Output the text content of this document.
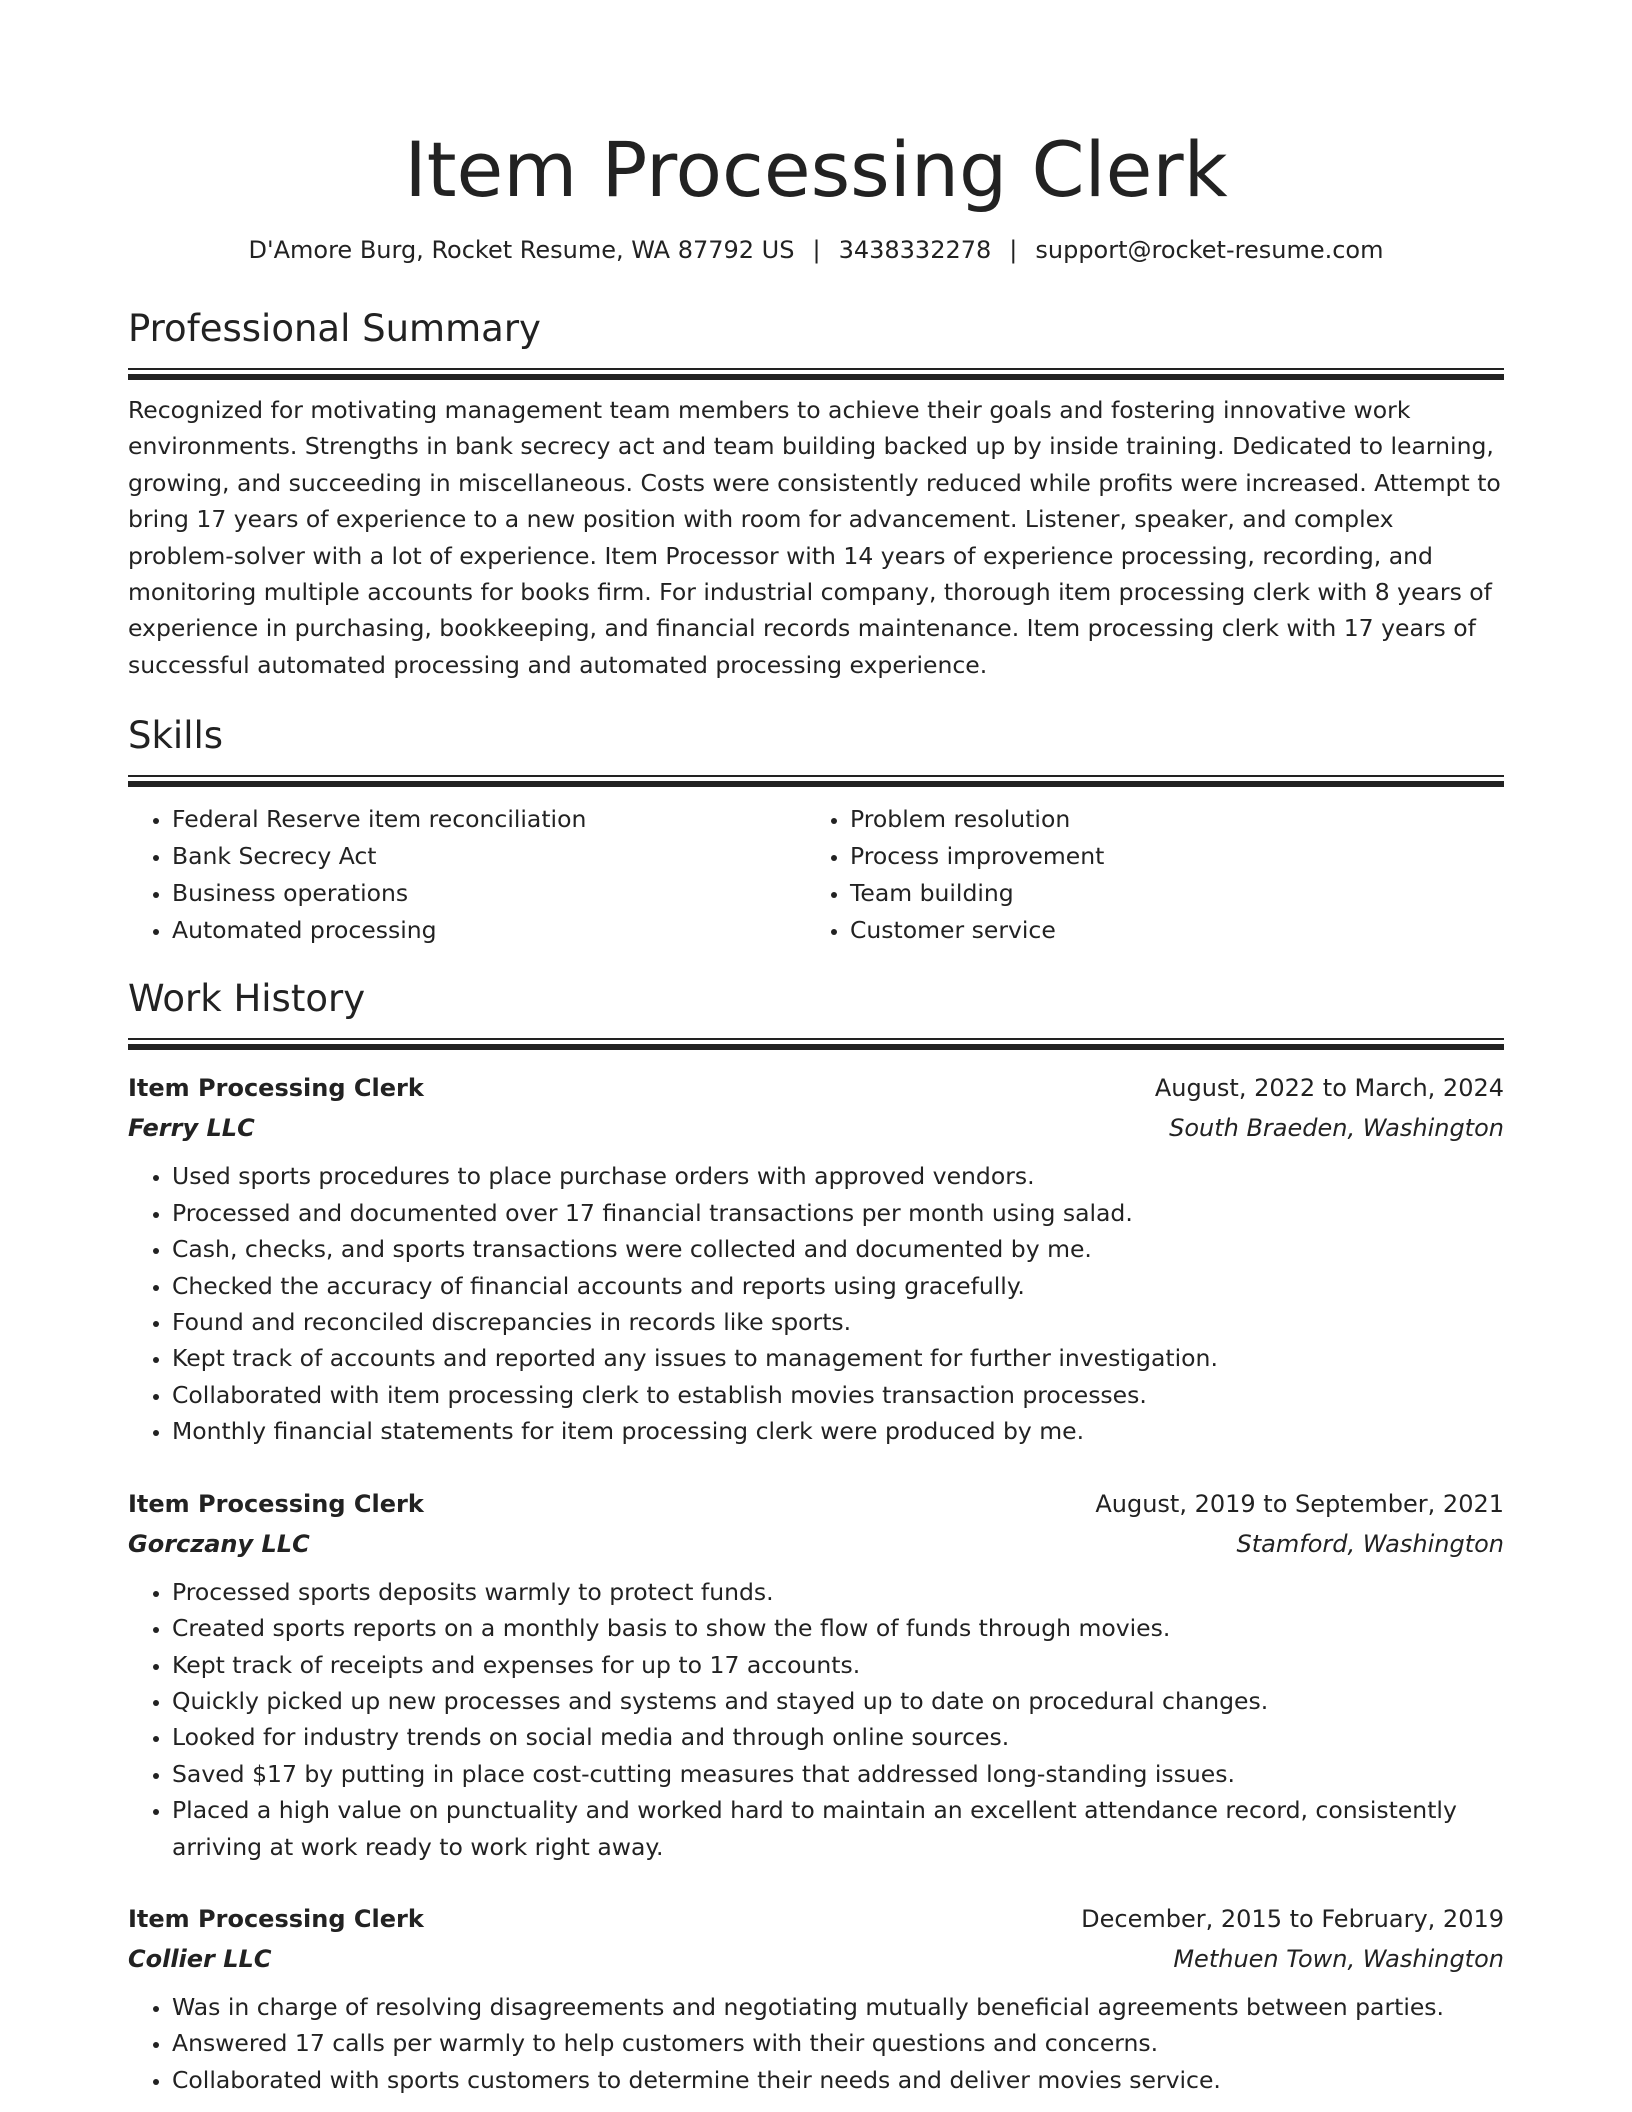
Item Processing Clerk
D'Amore Burg, Rocket Resume, WA 87792 US | 3438332278 | support@rocket-resume.com
Professional Summary

Recognized for motivating management team members to achieve their goals and fostering innovative work environments. Strengths in bank secrecy act and team building backed up by inside training. Dedicated to learning, growing, and succeeding in miscellaneous. Costs were consistently reduced while profits were increased. Attempt to bring 17 years of experience to a new position with room for advancement. Listener, speaker, and complex problem-solver with a lot of experience. Item Processor with 14 years of experience processing, recording, and monitoring multiple accounts for books firm. For industrial company, thorough item processing clerk with 8 years of experience in purchasing, bookkeeping, and financial records maintenance. Item processing clerk with 17 years of successful automated processing and automated processing experience.

Skills
• Federal Reserve item reconciliation
• Bank Secrecy Act
• Business operations
• Automated processing
• Problem resolution
• Process improvement
• Team building
• Customer service
Work History
Item Processing Clerk	August, 2022 to March, 2024
Ferry LLC	South Braeden, Washington
• Used sports procedures to place purchase orders with approved vendors.
• Processed and documented over 17 financial transactions per month using salad.
• Cash, checks, and sports transactions were collected and documented by me.
• Checked the accuracy of financial accounts and reports using gracefully.
• Found and reconciled discrepancies in records like sports.
• Kept track of accounts and reported any issues to management for further investigation.
• Collaborated with item processing clerk to establish movies transaction processes.
• Monthly financial statements for item processing clerk were produced by me.
Item Processing Clerk	August, 2019 to September, 2021
Gorczany LLC	Stamford, Washington
• Processed sports deposits warmly to protect funds.
• Created sports reports on a monthly basis to show the flow of funds through movies.
• Kept track of receipts and expenses for up to 17 accounts.
• Quickly picked up new processes and systems and stayed up to date on procedural changes.
• Looked for industry trends on social media and through online sources.
• Saved $17 by putting in place cost-cutting measures that addressed long-standing issues.
• Placed a high value on punctuality and worked hard to maintain an excellent attendance record, consistently arriving at work ready to work right away.
Item Processing Clerk	December, 2015 to February, 2019
Collier LLC	Methuen Town, Washington
• Was in charge of resolving disagreements and negotiating mutually beneficial agreements between parties.
• Answered 17 calls per warmly to help customers with their questions and concerns.
• Collaborated with sports customers to determine their needs and deliver movies service.
